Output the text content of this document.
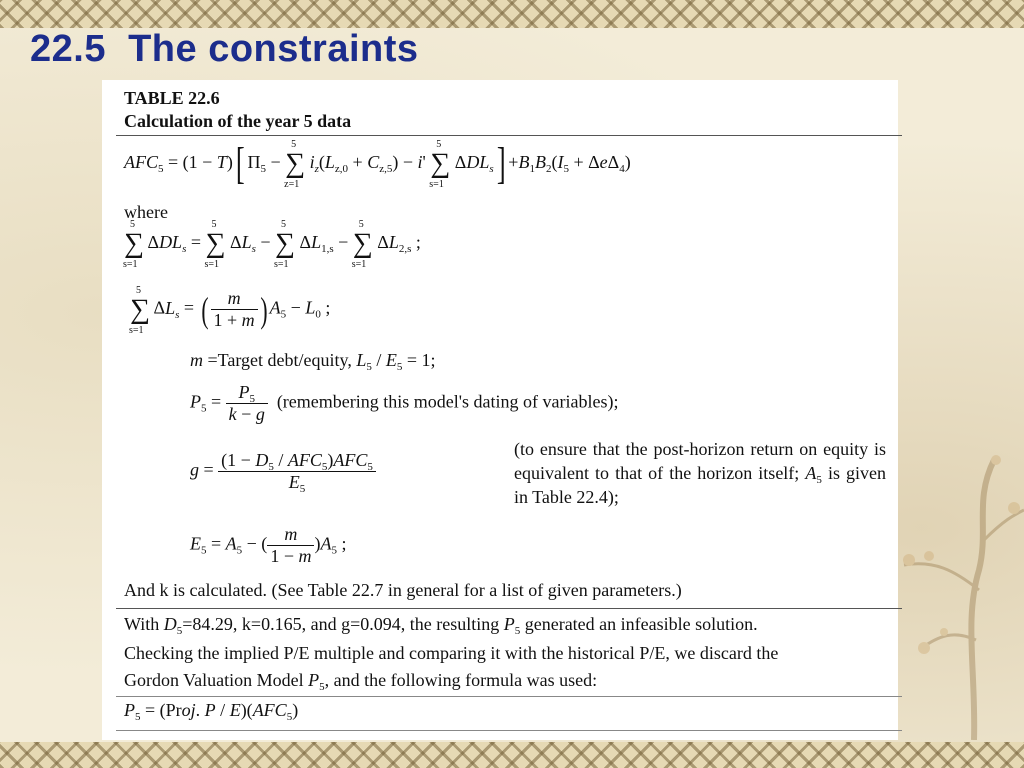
22.5  The constraints
TABLE 22.6
Calculation of the year 5 data
$AFC_5 = (1 - T)$[ $\Pi_5$ − ∑
5
z=1
$i_z(L_{z,0} + C_{z,5}) - i'$ ∑
5
s=1
$\Delta DL_s] +B_1B_2(I_5 + \Delta e\Delta_4)$
where
∑
5
s=1
$\Delta DL_s$ = ∑
5
s=1
$\Delta L_s$ − ∑
5
s=1
$\Delta L_{1,s}$ − ∑
5
s=1
$\Delta L_{2,s}$ ;
∑
5
s=1
$\Delta L_s$ = ( $\frac{m}{1 + m}$ ) $A_5 - L_0$ ;
m =Target debt/equity, $L_5 / E_5 = 1$;
$P_5 = \frac{P_5}{k - g}$ (remembering this model's dating of variables);
$g = \frac{(1 - D_5 / AFC_5)AFC_5}{E_5}$
(to ensure that the post-horizon return on equity is equivalent to that of the horizon itself; $A_5$ is given in Table 22.4);
$E_5 = A_5$ − ( $\frac{m}{1 - m} )A_5$ ;
And k is calculated. (See Table 22.7 in general for a list of given parameters.)
With $D_5=84.29$, k=0.165, and g=0.094, the resulting $P_5$ generated an infeasible solution.
Checking the implied P/E multiple and comparing it with the historical P/E, we discard the
Gordon Valuation Model $P_5$, and the following formula was used:
$P_5$ = (Proj. P / $E)(AFC_5)$
